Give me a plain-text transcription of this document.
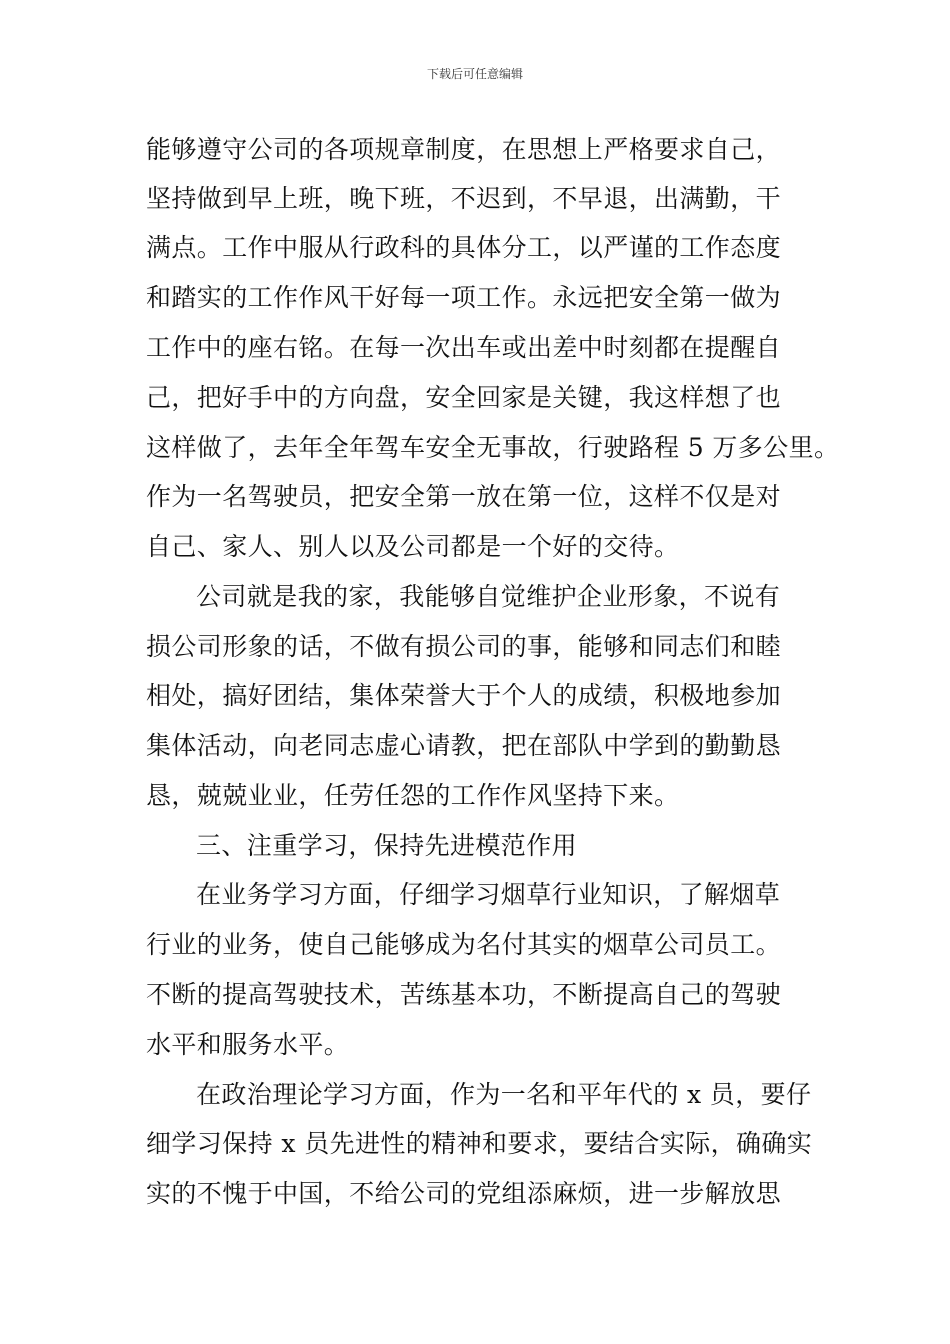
下载后可任意编辑
能够遵守公司的各项规章制度，在思想上严格要求自己，
坚持做到早上班，晚下班，不迟到，不早退，出满勤，干
满点。工作中服从行政科的具体分工，以严谨的工作态度
和踏实的工作作风干好每一项工作。永远把安全第一做为
工作中的座右铭。在每一次出车或出差中时刻都在提醒自
己，把好手中的方向盘，安全回家是关键，我这样想了也
这样做了，去年全年驾车安全无事故，行驶路程 5 万多公里。
作为一名驾驶员，把安全第一放在第一位，这样不仅是对
自己、家人、别人以及公司都是一个好的交待。
公司就是我的家，我能够自觉维护企业形象，不说有
损公司形象的话，不做有损公司的事，能够和同志们和睦
相处，搞好团结，集体荣誉大于个人的成绩，积极地参加
集体活动，向老同志虚心请教，把在部队中学到的勤勤恳
恳，兢兢业业，任劳任怨的工作作风坚持下来。
三、注重学习，保持先进模范作用
在业务学习方面，仔细学习烟草行业知识，了解烟草
行业的业务，使自己能够成为名付其实的烟草公司员工。
不断的提高驾驶技术，苦练基本功，不断提高自己的驾驶
水平和服务水平。
在政治理论学习方面，作为一名和平年代的 x 员，要仔
细学习保持 x 员先进性的精神和要求，要结合实际，确确实
实的不愧于中国，不给公司的党组添麻烦，进一步解放思
